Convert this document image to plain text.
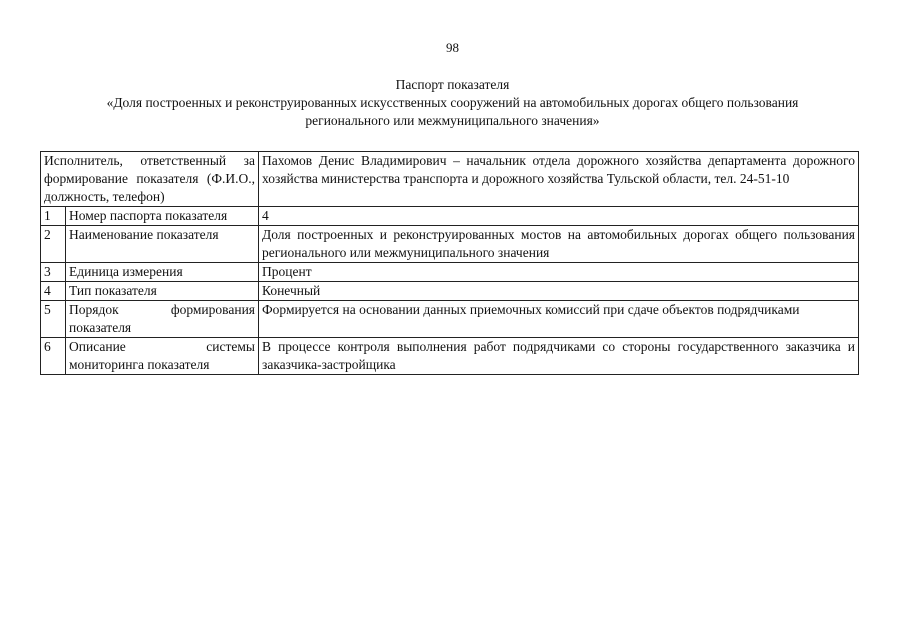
98
Паспорт показателя
«Доля построенных и реконструированных искусственных сооружений на автомобильных дорогах общего пользования
регионального или межмуниципального значения»
Исполнитель, ответственный за формирование показателя (Ф.И.О., должность, телефон)		Пахомов Денис Владимирович – начальник отдела дорожного хозяйства департамента дорожного хозяйства министерства транспорта и дорожного хозяйства Тульской области, тел. 24-51-10
1	Номер паспорта показателя	4
2	Наименование показателя	Доля построенных и реконструированных мостов на автомобильных дорогах общего пользования регионального или межмуниципального значения
3	Единица измерения	Процент
4	Тип показателя	Конечный
5	Порядок формирования показателя	Формируется на основании данных приемочных комиссий при сдаче объектов подрядчиками
6	Описание системы мониторинга показателя	В процессе контроля выполнения работ подрядчиками со стороны государственного заказчика и заказчика-застройщика
